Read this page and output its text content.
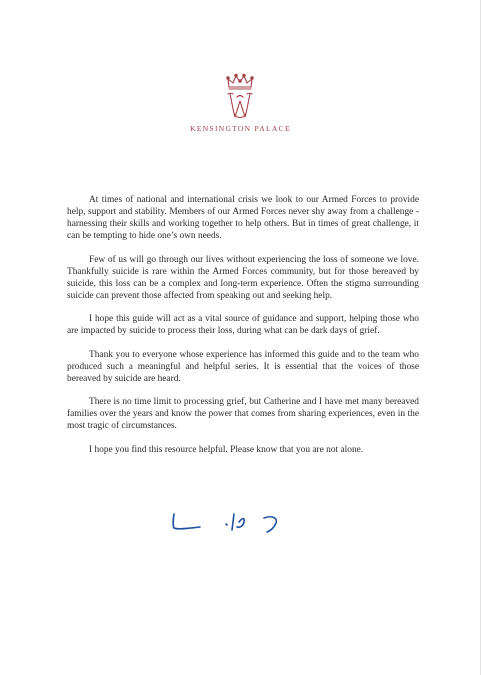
KENSINGTON PALACE

At times of national and international crisis we look to our Armed Forces to provide help, support and stability. Members of our Armed Forces never shy away from a challenge - harnessing their skills and working together to help others. But in times of great challenge, it can be tempting to hide one’s own needs.

Few of us will go through our lives without experiencing the loss of someone we love. Thankfully suicide is rare within the Armed Forces community, but for those bereaved by suicide, this loss can be a complex and long-term experience. Often the stigma surrounding suicide can prevent those affected from speaking out and seeking help.

I hope this guide will act as a vital source of guidance and support, helping those who are impacted by suicide to process their loss, during what can be dark days of grief.

Thank you to everyone whose experience has informed this guide and to the team who produced such a meaningful and helpful series. It is essential that the voices of those bereaved by suicide are heard.

There is no time limit to processing grief, but Catherine and I have met many bereaved families over the years and know the power that comes from sharing experiences, even in the most tragic of circumstances.

I hope you find this resource helpful. Please know that you are not alone.
